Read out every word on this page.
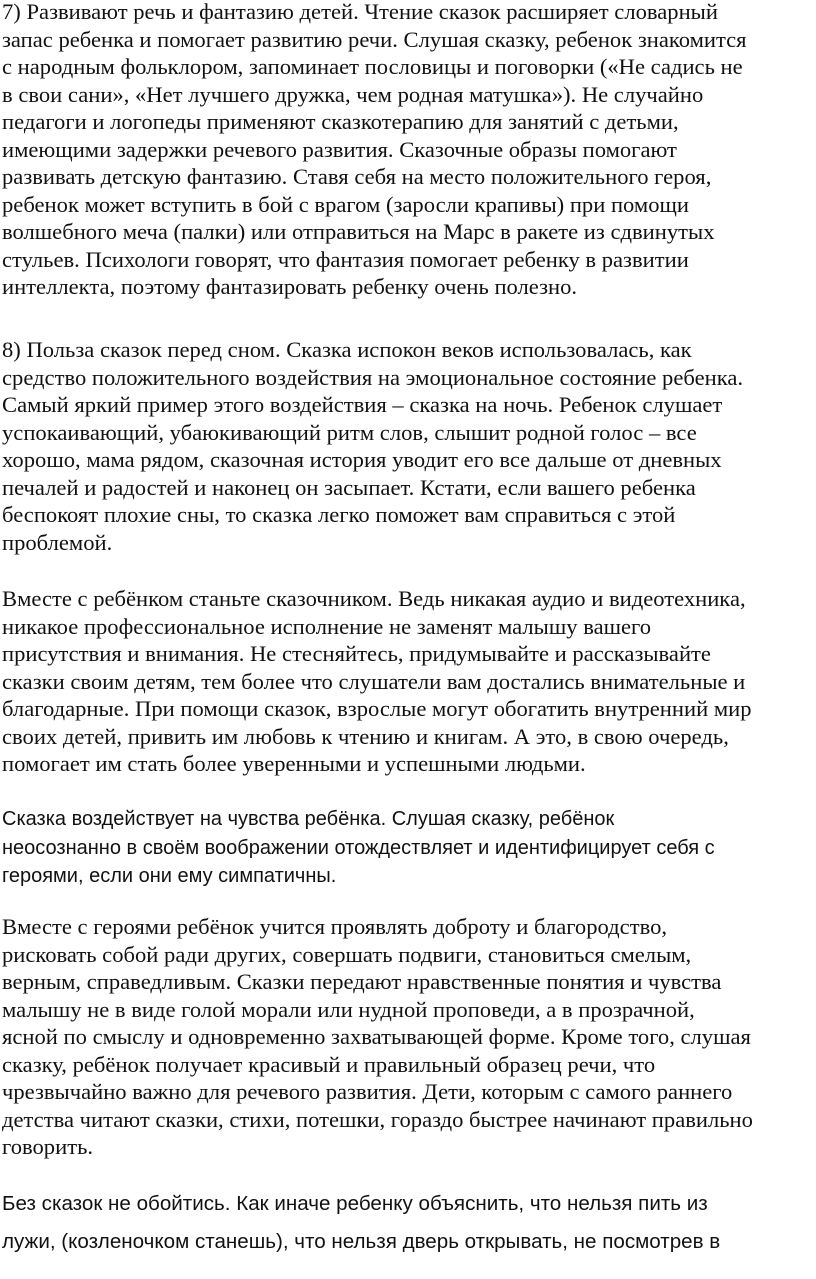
7) Развивают речь и фантазию детей. Чтение сказок расширяет словарный
запас ребенка и помогает развитию речи. Слушая сказку, ребенок знакомится
с народным фольклором, запоминает пословицы и поговорки («Не садись не
в свои сани», «Нет лучшего дружка, чем родная матушка»). Не случайно
педагоги и логопеды применяют сказкотерапию для занятий с детьми,
имеющими задержки речевого развития. Сказочные образы помогают
развивать детскую фантазию. Ставя себя на место положительного героя,
ребенок может вступить в бой с врагом (заросли крапивы) при помощи
волшебного меча (палки) или отправиться на Марс в ракете из сдвинутых
стульев. Психологи говорят, что фантазия помогает ребенку в развитии
интеллекта, поэтому фантазировать ребенку очень полезно.

8) Польза сказок перед сном. Сказка испокон веков использовалась, как
средство положительного воздействия на эмоциональное состояние ребенка.
Самый яркий пример этого воздействия – сказка на ночь. Ребенок слушает
успокаивающий, убаюкивающий ритм слов, слышит родной голос – все
хорошо, мама рядом, сказочная история уводит его все дальше от дневных
печалей и радостей и наконец он засыпает. Кстати, если вашего ребенка
беспокоят плохие сны, то сказка легко поможет вам справиться с этой
проблемой.

Вместе с ребёнком станьте сказочником. Ведь никакая аудио и видеотехника,
никакое профессиональное исполнение не заменят малышу вашего
присутствия и внимания. Не стесняйтесь, придумывайте и рассказывайте
сказки своим детям, тем более что слушатели вам достались внимательные и
благодарные. При помощи сказок, взрослые могут обогатить внутренний мир
своих детей, привить им любовь к чтению и книгам. А это, в свою очередь,
помогает им стать более уверенными и успешными людьми.

Сказка воздействует на чувства ребёнка. Слушая сказку, ребёнок
неосознанно в своём воображении отождествляет и идентифицирует себя с
героями, если они ему симпатичны.

Вместе с героями ребёнок учится проявлять доброту и благородство,
рисковать собой ради других, совершать подвиги, становиться смелым,
верным, справедливым. Сказки передают нравственные понятия и чувства
малышу не в виде голой морали или нудной проповеди, а в прозрачной,
ясной по смыслу и одновременно захватывающей форме. Кроме того, слушая
сказку, ребёнок получает красивый и правильный образец речи, что
чрезвычайно важно для речевого развития. Дети, которым с самого раннего
детства читают сказки, стихи, потешки, гораздо быстрее начинают правильно
говорить.

Без сказок не обойтись. Как иначе ребенку объяснить, что нельзя пить из
лужи, (козленочком станешь), что нельзя дверь открывать, не посмотрев в
